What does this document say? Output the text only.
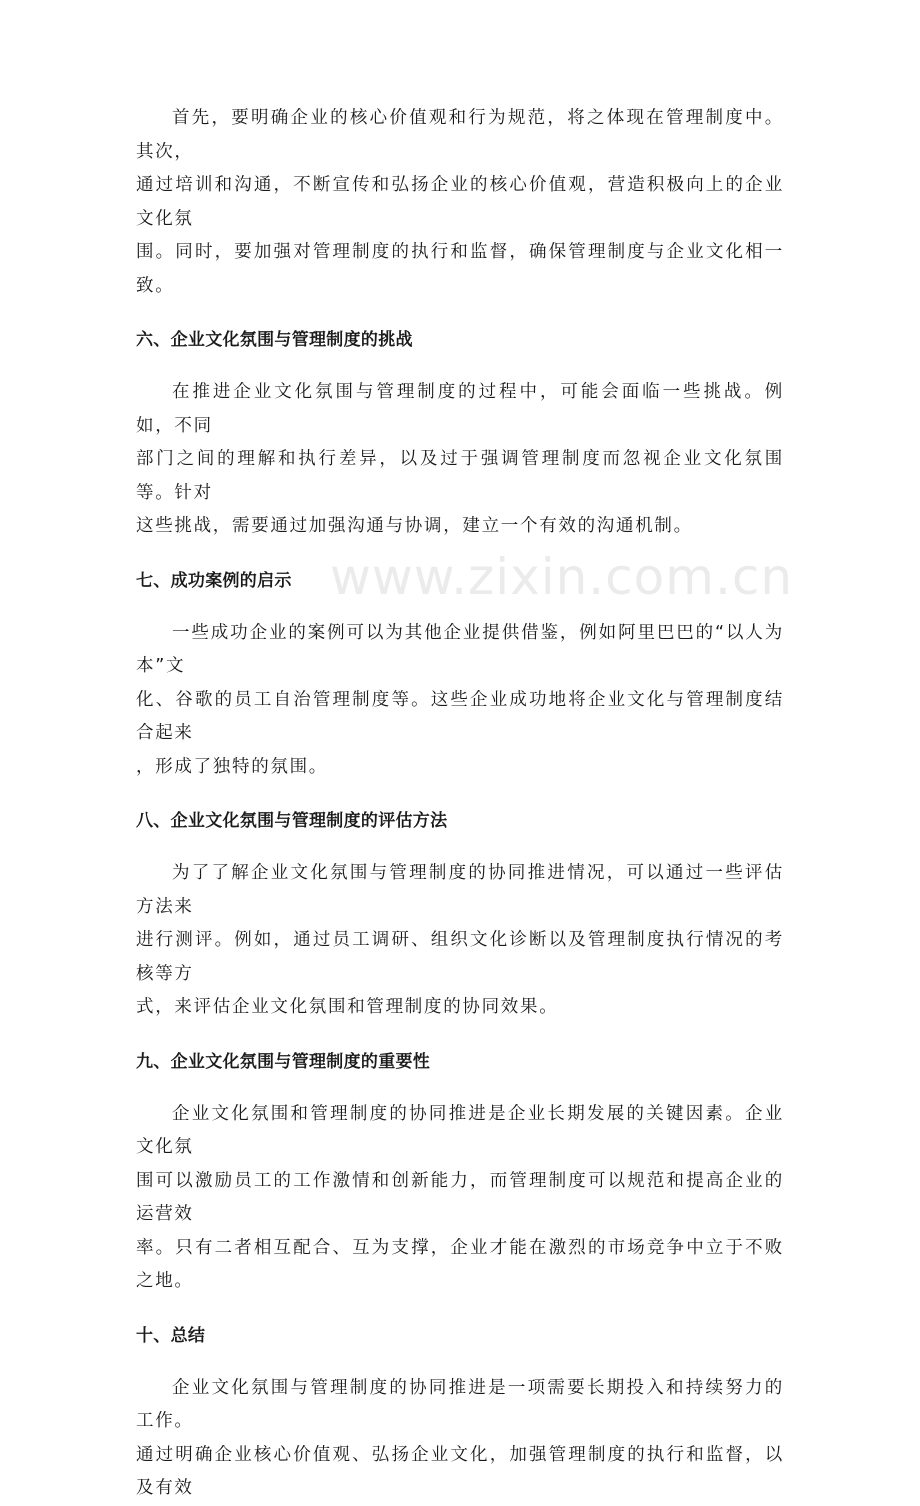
www.zixin.com.cn

首先，要明确企业的核心价值观和行为规范，将之体现在管理制度中。其次，
通过培训和沟通，不断宣传和弘扬企业的核心价值观，营造积极向上的企业文化氛
围。同时，要加强对管理制度的执行和监督，确保管理制度与企业文化相一致。

六、企业文化氛围与管理制度的挑战

在推进企业文化氛围与管理制度的过程中，可能会面临一些挑战。例如，不同
部门之间的理解和执行差异，以及过于强调管理制度而忽视企业文化氛围等。针对
这些挑战，需要通过加强沟通与协调，建立一个有效的沟通机制。

七、成功案例的启示

一些成功企业的案例可以为其他企业提供借鉴，例如阿里巴巴的“以人为本”文
化、谷歌的员工自治管理制度等。这些企业成功地将企业文化与管理制度结合起来
，形成了独特的氛围。

八、企业文化氛围与管理制度的评估方法

为了了解企业文化氛围与管理制度的协同推进情况，可以通过一些评估方法来
进行测评。例如，通过员工调研、组织文化诊断以及管理制度执行情况的考核等方
式，来评估企业文化氛围和管理制度的协同效果。

九、企业文化氛围与管理制度的重要性

企业文化氛围和管理制度的协同推进是企业长期发展的关键因素。企业文化氛
围可以激励员工的工作激情和创新能力，而管理制度可以规范和提高企业的运营效
率。只有二者相互配合、互为支撑，企业才能在激烈的市场竞争中立于不败之地。

十、总结

企业文化氛围与管理制度的协同推进是一项需要长期投入和持续努力的工作。
通过明确企业核心价值观、弘扬企业文化，加强管理制度的执行和监督，以及有效
